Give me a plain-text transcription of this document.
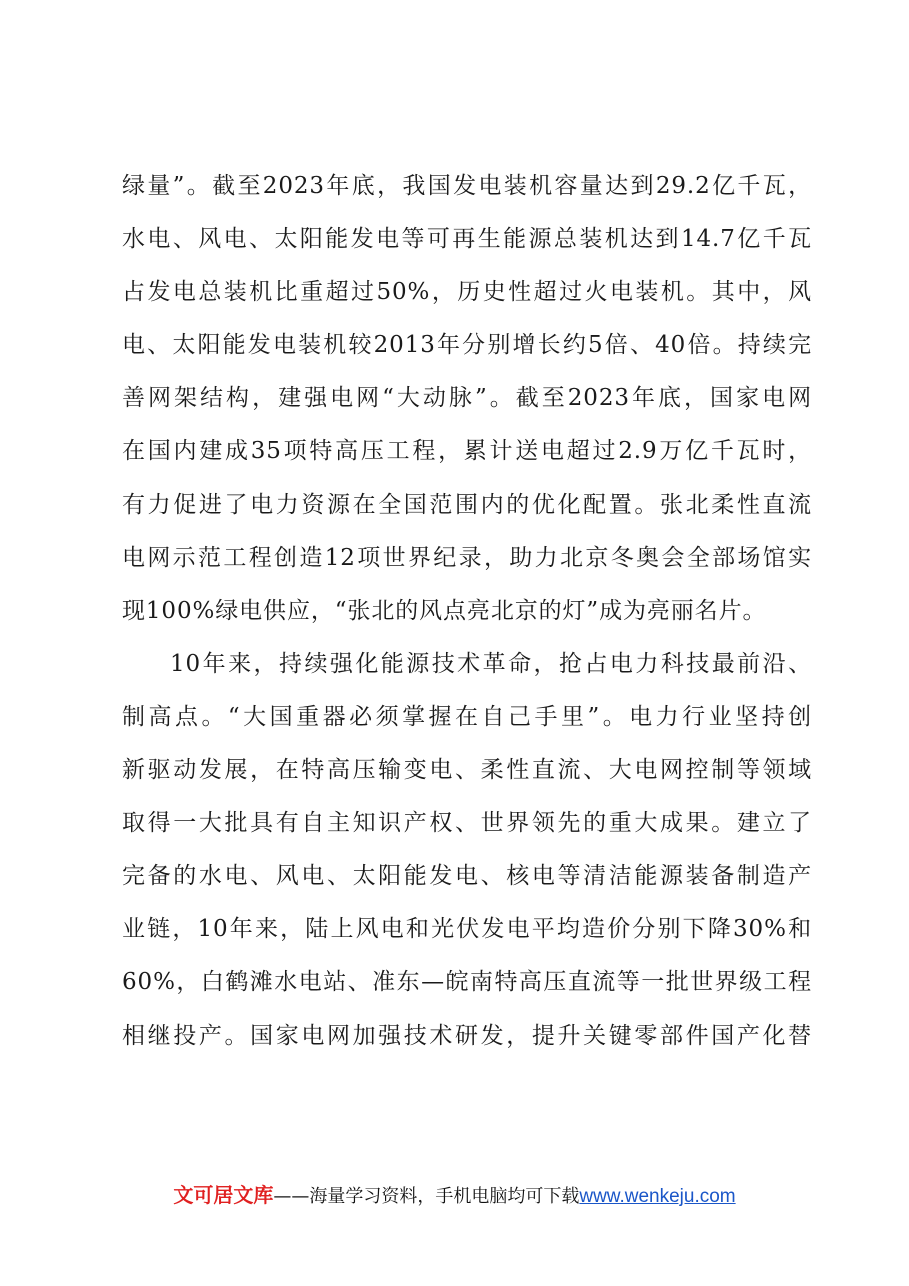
绿量”。截至2023年底，我国发电装机容量达到29.2亿千瓦，
水电、风电、太阳能发电等可再生能源总装机达到14.7亿千瓦
占发电总装机比重超过50%，历史性超过火电装机。其中，风
电、太阳能发电装机较2013年分别增长约5倍、40倍。持续完
善网架结构，建强电网“大动脉”。截至2023年底，国家电网
在国内建成35项特高压工程，累计送电超过2.9万亿千瓦时，
有力促进了电力资源在全国范围内的优化配置。张北柔性直流
电网示范工程创造12项世界纪录，助力北京冬奥会全部场馆实
现100%绿电供应，“张北的风点亮北京的灯”成为亮丽名片。
10年来，持续强化能源技术革命，抢占电力科技最前沿、
制高点。“大国重器必须掌握在自己手里”。电力行业坚持创
新驱动发展，在特高压输变电、柔性直流、大电网控制等领域
取得一大批具有自主知识产权、世界领先的重大成果。建立了
完备的水电、风电、太阳能发电、核电等清洁能源装备制造产
业链，10年来，陆上风电和光伏发电平均造价分别下降30%和
60%，白鹤滩水电站、准东—皖南特高压直流等一批世界级工程
相继投产。国家电网加强技术研发，提升关键零部件国产化替
文可居文库——海量学习资料，手机电脑均可下载www.wenkeju.com
